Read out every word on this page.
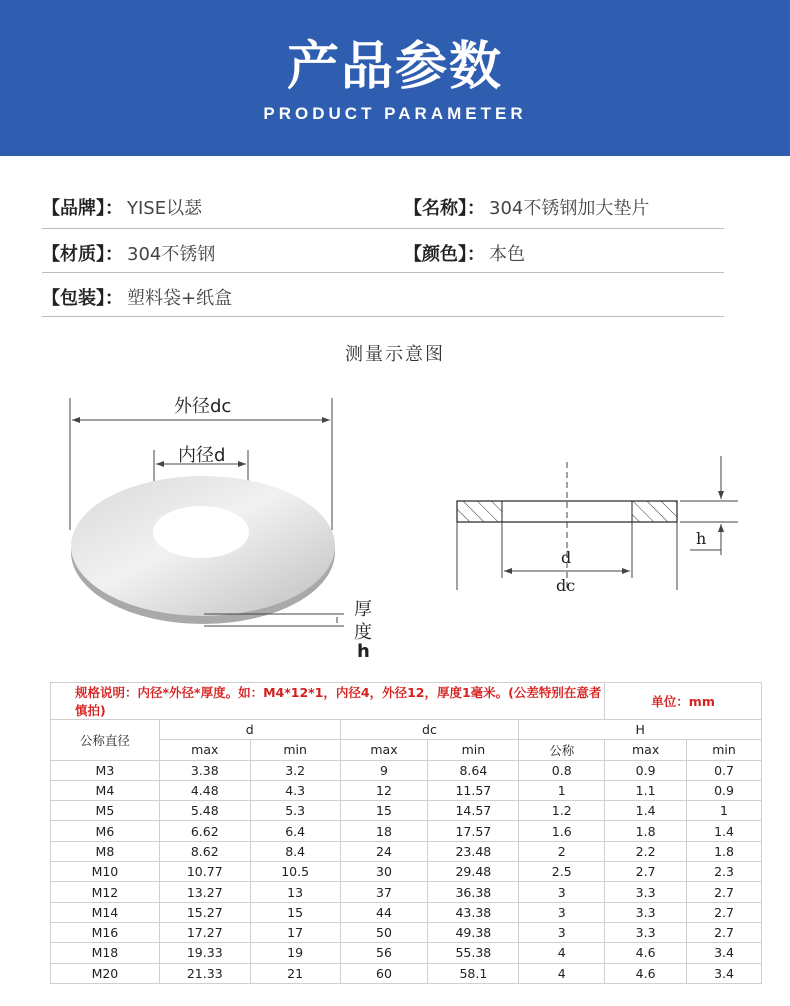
产品参数
PRODUCT PARAMETER
【品牌】： YISE以瑟	【名称】： 304不锈钢加大垫片
【材质】： 304不锈钢	【颜色】： 本色
【包装】： 塑料袋+纸盒
测量示意图
外径dc
内径d
厚
度
h
d
dc
h
规格说明：内径*外径*厚度。如：M4*12*1，内径4，外径12，厚度1毫米。(公差特别在意者慎拍)						单位：mm	
公称直径	d		dc		H		
	max	min	max	min	公称	max	min
M3	3.38	3.2	9	8.64	0.8	0.9	0.7
M4	4.48	4.3	12	11.57	1	1.1	0.9
M5	5.48	5.3	15	14.57	1.2	1.4	1
M6	6.62	6.4	18	17.57	1.6	1.8	1.4
M8	8.62	8.4	24	23.48	2	2.2	1.8
M10	10.77	10.5	30	29.48	2.5	2.7	2.3
M12	13.27	13	37	36.38	3	3.3	2.7
M14	15.27	15	44	43.38	3	3.3	2.7
M16	17.27	17	50	49.38	3	3.3	2.7
M18	19.33	19	56	55.38	4	4.6	3.4
M20	21.33	21	60	58.1	4	4.6	3.4
